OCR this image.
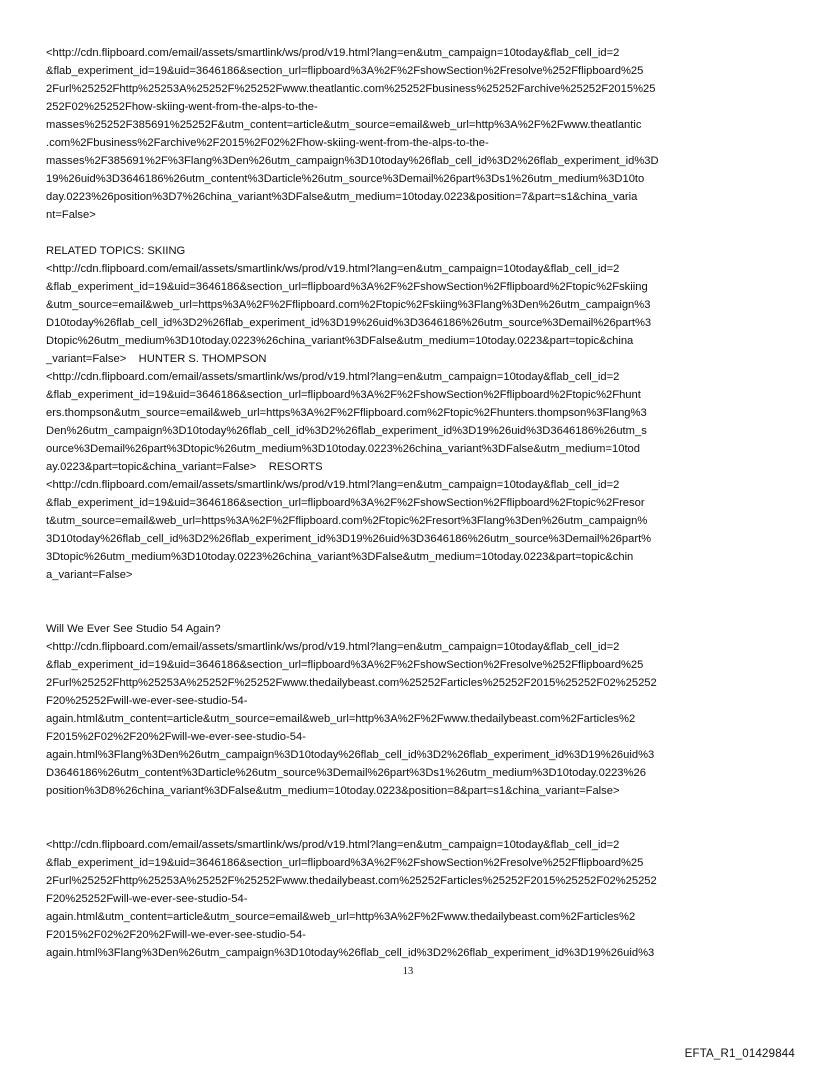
<http://cdn.flipboard.com/email/assets/smartlink/ws/prod/v19.html?lang=en&utm_campaign=10today&flab_cell_id=2
&flab_experiment_id=19&uid=3646186&section_url=flipboard%3A%2F%2FshowSection%2Fresolve%252Fflipboard%25
2Furl%25252Fhttp%25253A%25252F%25252Fwww.theatlantic.com%25252Fbusiness%25252Farchive%25252F2015%25
252F02%25252Fhow-skiing-went-from-the-alps-to-the-
masses%25252F385691%25252F&utm_content=article&utm_source=email&web_url=http%3A%2F%2Fwww.theatlantic
.com%2Fbusiness%2Farchive%2F2015%2F02%2Fhow-skiing-went-from-the-alps-to-the-
masses%2F385691%2F%3Flang%3Den%26utm_campaign%3D10today%26flab_cell_id%3D2%26flab_experiment_id%3D
19%26uid%3D3646186%26utm_content%3Darticle%26utm_source%3Demail%26part%3Ds1%26utm_medium%3D10to
day.0223%26position%3D7%26china_variant%3DFalse&utm_medium=10today.0223&position=7&part=s1&china_varia
nt=False>

RELATED TOPICS: SKIING
<http://cdn.flipboard.com/email/assets/smartlink/ws/prod/v19.html?lang=en&utm_campaign=10today&flab_cell_id=2
&flab_experiment_id=19&uid=3646186&section_url=flipboard%3A%2F%2FshowSection%2Fflipboard%2Ftopic%2Fskiing
&utm_source=email&web_url=https%3A%2F%2Fflipboard.com%2Ftopic%2Fskiing%3Flang%3Den%26utm_campaign%3
D10today%26flab_cell_id%3D2%26flab_experiment_id%3D19%26uid%3D3646186%26utm_source%3Demail%26part%3
Dtopic%26utm_medium%3D10today.0223%26china_variant%3DFalse&utm_medium=10today.0223&part=topic&china
_variant=False>    HUNTER S. THOMPSON
<http://cdn.flipboard.com/email/assets/smartlink/ws/prod/v19.html?lang=en&utm_campaign=10today&flab_cell_id=2
&flab_experiment_id=19&uid=3646186&section_url=flipboard%3A%2F%2FshowSection%2Fflipboard%2Ftopic%2Fhunt
ers.thompson&utm_source=email&web_url=https%3A%2F%2Fflipboard.com%2Ftopic%2Fhunters.thompson%3Flang%3
Den%26utm_campaign%3D10today%26flab_cell_id%3D2%26flab_experiment_id%3D19%26uid%3D3646186%26utm_s
ource%3Demail%26part%3Dtopic%26utm_medium%3D10today.0223%26china_variant%3DFalse&utm_medium=10tod
ay.0223&part=topic&china_variant=False>    RESORTS
<http://cdn.flipboard.com/email/assets/smartlink/ws/prod/v19.html?lang=en&utm_campaign=10today&flab_cell_id=2
&flab_experiment_id=19&uid=3646186&section_url=flipboard%3A%2F%2FshowSection%2Fflipboard%2Ftopic%2Fresor
t&utm_source=email&web_url=https%3A%2F%2Fflipboard.com%2Ftopic%2Fresort%3Flang%3Den%26utm_campaign%
3D10today%26flab_cell_id%3D2%26flab_experiment_id%3D19%26uid%3D3646186%26utm_source%3Demail%26part%
3Dtopic%26utm_medium%3D10today.0223%26china_variant%3DFalse&utm_medium=10today.0223&part=topic&chin
a_variant=False>

Will We Ever See Studio 54 Again?
<http://cdn.flipboard.com/email/assets/smartlink/ws/prod/v19.html?lang=en&utm_campaign=10today&flab_cell_id=2
&flab_experiment_id=19&uid=3646186&section_url=flipboard%3A%2F%2FshowSection%2Fresolve%252Fflipboard%25
2Furl%25252Fhttp%25253A%25252F%25252Fwww.thedailybeast.com%25252Farticles%25252F2015%25252F02%25252
F20%25252Fwill-we-ever-see-studio-54-
again.html&utm_content=article&utm_source=email&web_url=http%3A%2F%2Fwww.thedailybeast.com%2Farticles%2
F2015%2F02%2F20%2Fwill-we-ever-see-studio-54-
again.html%3Flang%3Den%26utm_campaign%3D10today%26flab_cell_id%3D2%26flab_experiment_id%3D19%26uid%3
D3646186%26utm_content%3Darticle%26utm_source%3Demail%26part%3Ds1%26utm_medium%3D10today.0223%26
position%3D8%26china_variant%3DFalse&utm_medium=10today.0223&position=8&part=s1&china_variant=False>

<http://cdn.flipboard.com/email/assets/smartlink/ws/prod/v19.html?lang=en&utm_campaign=10today&flab_cell_id=2
&flab_experiment_id=19&uid=3646186&section_url=flipboard%3A%2F%2FshowSection%2Fresolve%252Fflipboard%25
2Furl%25252Fhttp%25253A%25252F%25252Fwww.thedailybeast.com%25252Farticles%25252F2015%25252F02%25252
F20%25252Fwill-we-ever-see-studio-54-
again.html&utm_content=article&utm_source=email&web_url=http%3A%2F%2Fwww.thedailybeast.com%2Farticles%2
F2015%2F02%2F20%2Fwill-we-ever-see-studio-54-
again.html%3Flang%3Den%26utm_campaign%3D10today%26flab_cell_id%3D2%26flab_experiment_id%3D19%26uid%3

13
EFTA_R1_01429844
